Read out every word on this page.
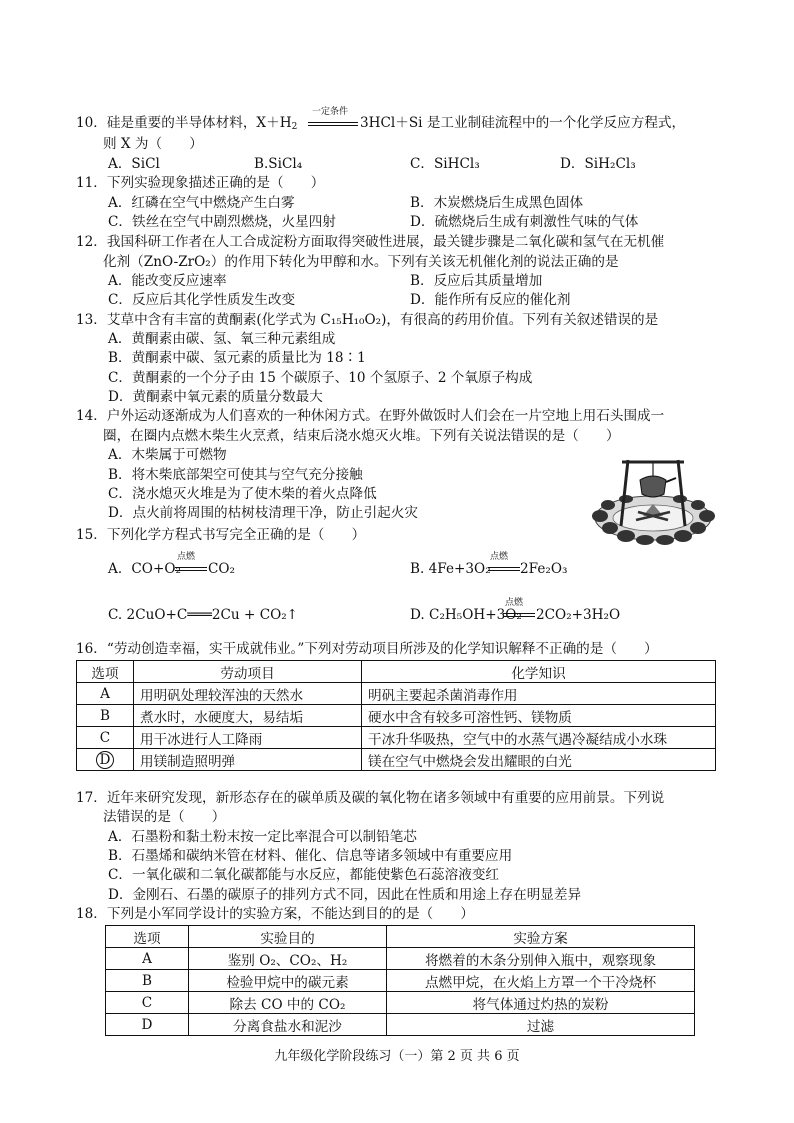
10．硅是重要的半导体材料，$X+H_2$
一定条件
3HCl＋Si 是工业制硅流程中的一个化学反应方程式，
则 X 为（　　）
A．SiCl	B.SiCl₄	C．SiHCl₃	D．SiH₂Cl₃
11．下列实验现象描述正确的是（　　）
A．红磷在空气中燃烧产生白雾	B．木炭燃烧后生成黑色固体
C．铁丝在空气中剧烈燃烧，火星四射	D．硫燃烧后生成有刺激性气味的气体
12．我国科研工作者在人工合成淀粉方面取得突破性进展，最关键步骤是二氧化碳和氢气在无机催
化剂（ZnO-ZrO₂）的作用下转化为甲醇和水。下列有关该无机催化剂的说法正确的是
A．能改变反应速率	B．反应后其质量增加
C．反应后其化学性质发生改变	D．能作所有反应的催化剂
13．艾草中含有丰富的黄酮素(化学式为 C₁₅H₁₀O₂)，有很高的药用价值。下列有关叙述错误的是
A．黄酮素由碳、氢、氧三种元素组成
B．黄酮素中碳、氢元素的质量比为 18∶1
C．黄酮素的一个分子由 15 个碳原子、10 个氢原子、2 个氧原子构成
D．黄酮素中氧元素的质量分数最大
14．户外运动逐渐成为人们喜欢的一种休闲方式。在野外做饭时人们会在一片空地上用石头围成一
圈，在圈内点燃木柴生火烹煮，结束后浇水熄灭火堆。下列有关说法错误的是（　　）
A．木柴属于可燃物
B．将木柴底部架空可使其与空气充分接触
C．浇水熄灭火堆是为了使木柴的着火点降低
D．点火前将周围的枯树枝清理干净，防止引起火灾
15．下列化学方程式书写完全正确的是（　　）
点燃	点燃
A．CO+O₂ CO₂	B. 4Fe+3O₂ 2Fe₂O₃
C. 2CuO+C═══2Cu + CO₂↑
点燃
D. C₂H₅OH+3O₂ 2CO₂+3H₂O
16．“劳动创造幸福，实干成就伟业。”下列对劳动项目所涉及的化学知识解释不正确的是（　　）
选项	劳动项目	化学知识
A	用明矾处理较浑浊的天然水	明矾主要起杀菌消毒作用
B	煮水时，水硬度大，易结垢	硬水中含有较多可溶性钙、镁物质
C	用干冰进行人工降雨	干冰升华吸热，空气中的水蒸气遇冷凝结成小水珠
D	用镁制造照明弹	镁在空气中燃烧会发出耀眼的白光
17．近年来研究发现，新形态存在的碳单质及碳的氧化物在诸多领域中有重要的应用前景。下列说
法错误的是（　　）
A．石墨粉和黏土粉末按一定比率混合可以制铅笔芯
B．石墨烯和碳纳米管在材料、催化、信息等诸多领域中有重要应用
C．一氧化碳和二氧化碳都能与水反应，都能使紫色石蕊溶液变红
D．金刚石、石墨的碳原子的排列方式不同，因此在性质和用途上存在明显差异
18．下列是小军同学设计的实验方案，不能达到目的的是（　　）
选项	实验目的	实验方案
A	鉴别 O₂、CO₂、H₂	将燃着的木条分别伸入瓶中，观察现象
B	检验甲烷中的碳元素	点燃甲烷，在火焰上方罩一个干冷烧杯
C	除去 CO 中的 CO₂	将气体通过灼热的炭粉
D	分离食盐水和泥沙	过滤
九年级化学阶段练习（一）第 2 页 共 6 页
